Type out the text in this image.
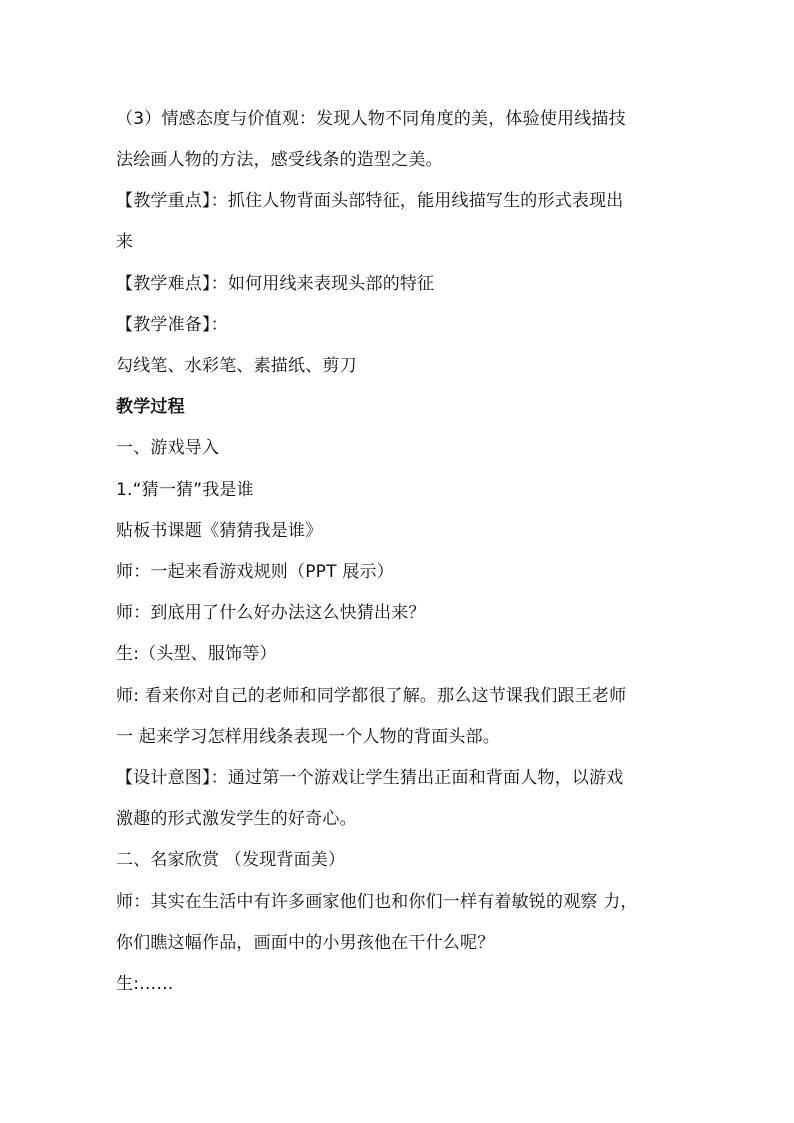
（3）情感态度与价值观：发现人物不同角度的美，体验使用线描技
法绘画人物的方法，感受线条的造型之美。
【教学重点】：抓住人物背面头部特征，能用线描写生的形式表现出
来
【教学难点】：如何用线来表现头部的特征
【教学准备】：
勾线笔、水彩笔、素描纸、剪刀
教学过程
一、游戏导入
1.“猜一猜”我是谁
贴板书课题《猜猜我是谁》
师：一起来看游戏规则（PPT 展示）
师：到底用了什么好办法这么快猜出来？
生:（头型、服饰等）
师: 看来你对自己的老师和同学都很了解。那么这节课我们跟王老师
一 起来学习怎样用线条表现一个人物的背面头部。
【设计意图】：通过第一个游戏让学生猜出正面和背面人物，以游戏
激趣的形式激发学生的好奇心。
二、名家欣赏 （发现背面美）
师：其实在生活中有许多画家他们也和你们一样有着敏锐的观察 力，
你们瞧这幅作品，画面中的小男孩他在干什么呢？
生:……
